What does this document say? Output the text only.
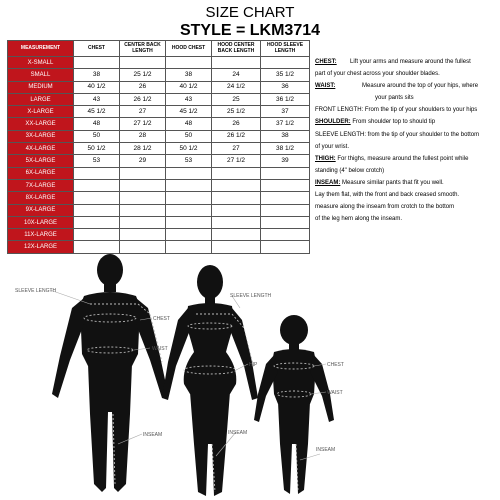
SIZE CHART
STYLE = LKM3714
MEASUREMENT	CHEST	CENTER BACK LENGTH	HOOD CHEST	HOOD CENTER BACK LENGTH	HOOD SLEEVE LENGTH
X-SMALL					
SMALL	38	25 1/2	38	24	35 1/2
MEDIUM	40 1/2	26	40 1/2	24 1/2	36
LARGE	43	26 1/2	43	25	36 1/2
X-LARGE	45 1/2	27	45 1/2	25 1/2	37
XX-LARGE	48	27 1/2	48	26	37 1/2
3X-LARGE	50	28	50	26 1/2	38
4X-LARGE	50 1/2	28 1/2	50 1/2	27	38 1/2
5X-LARGE	53	29	53	27 1/2	39
6X-LARGE					
7X-LARGE					
8X-LARGE					
9X-LARGE					
10X-LARGE					
11X-LARGE					
12X-LARGE					
CHEST: Lift your arms and measure around the fullest
part of your chest across your shoulder blades.
WAIST:	Measure around the top of your hips, where
your pants sits
FRONT LENGTH: From the tip of your shoulders to your hips
SHOULDER: From shoulder top to should tip
SLEEVE LENGTH: from the tip of your shoulder to the bottom
of your wrist.
THIGH: For thighs, measure around the fullest point while
standing (4" below crotch)
INSEAM: Measure similar pants that fit you well.
Lay them flat, with the front and back creased smooth.
measure along the inseam from crotch to the bottom
of the leg hem along the inseam.
SLEEVE LENGTH
CHEST
WAIST
INSEAM
SLEEVE LENGTH
HIP
INSEAM
CHEST
WAIST
INSEAM
